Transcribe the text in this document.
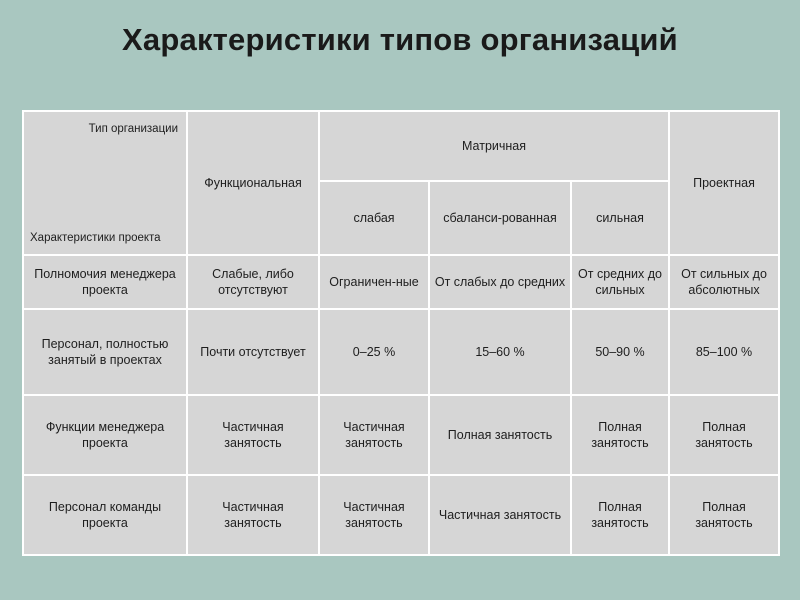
Характеристики типов организаций
Тип организации
Характеристики проекта	Функциональная	Матричная			Проектная
		слабая	сбаланси-рованная	сильная	
Полномочия менеджера проекта	Слабые, либо отсутствуют	Ограничен-ные	От слабых до средних	От средних до сильных	От сильных до абсолютных
Персонал, полностью занятый в проектах	Почти отсутствует	0–25 %	15–60 %	50–90 %	85–100 %
Функции менеджера проекта	Частичная занятость	Частичная занятость	Полная занятость	Полная занятость	Полная занятость
Персонал команды проекта	Частичная занятость	Частичная занятость	Частичная занятость	Полная занятость	Полная занятость
